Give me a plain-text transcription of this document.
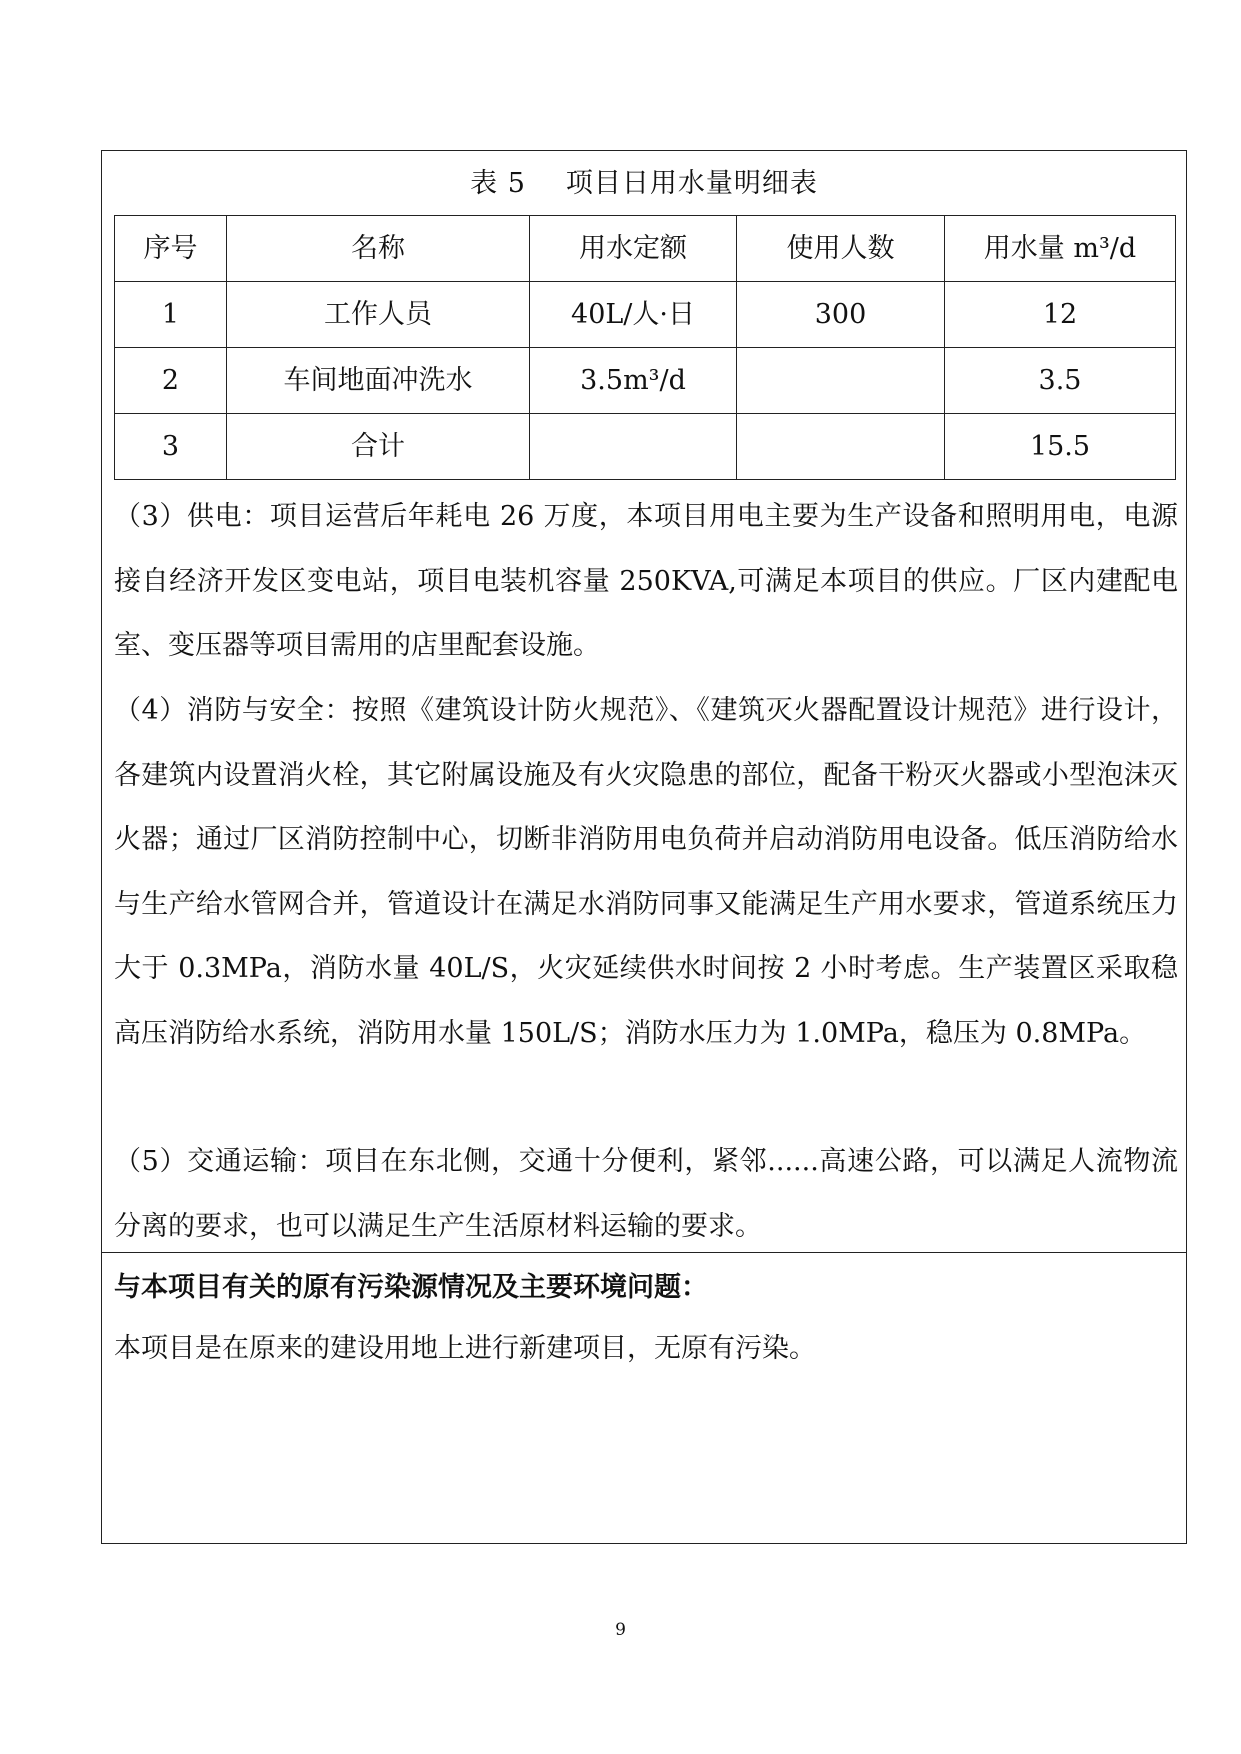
表 5 项目日用水量明细表
序号	名称	用水定额	使用人数	用水量 m³/d
1	工作人员	40L/人·日	300	12
2	车间地面冲洗水	3.5m³/d		3.5
3	合计			15.5

（3）供电：项目运营后年耗电 26 万度，本项目用电主要为生产设备和照明用电，电源接自经济开发区变电站，项目电装机容量 250KVA,可满足本项目的供应。厂区内建配电室、变压器等项目需用的店里配套设施。

（4）消防与安全：按照《建筑设计防火规范》、《建筑灭火器配置设计规范》进行设计，各建筑内设置消火栓，其它附属设施及有火灾隐患的部位，配备干粉灭火器或小型泡沫灭火器；通过厂区消防控制中心，切断非消防用电负荷并启动消防用电设备。低压消防给水与生产给水管网合并，管道设计在满足水消防同事又能满足生产用水要求，管道系统压力大于 0.3MPa，消防水量 40L/S，火灾延续供水时间按 2 小时考虑。生产装置区采取稳高压消防给水系统，消防用水量 150L/S；消防水压力为 1.0MPa，稳压为 0.8MPa。

（5）交通运输：项目在东北侧，交通十分便利，紧邻......高速公路，可以满足人流物流分离的要求，也可以满足生产生活原材料运输的要求。

与本项目有关的原有污染源情况及主要环境问题：
本项目是在原来的建设用地上进行新建项目，无原有污染。
9
